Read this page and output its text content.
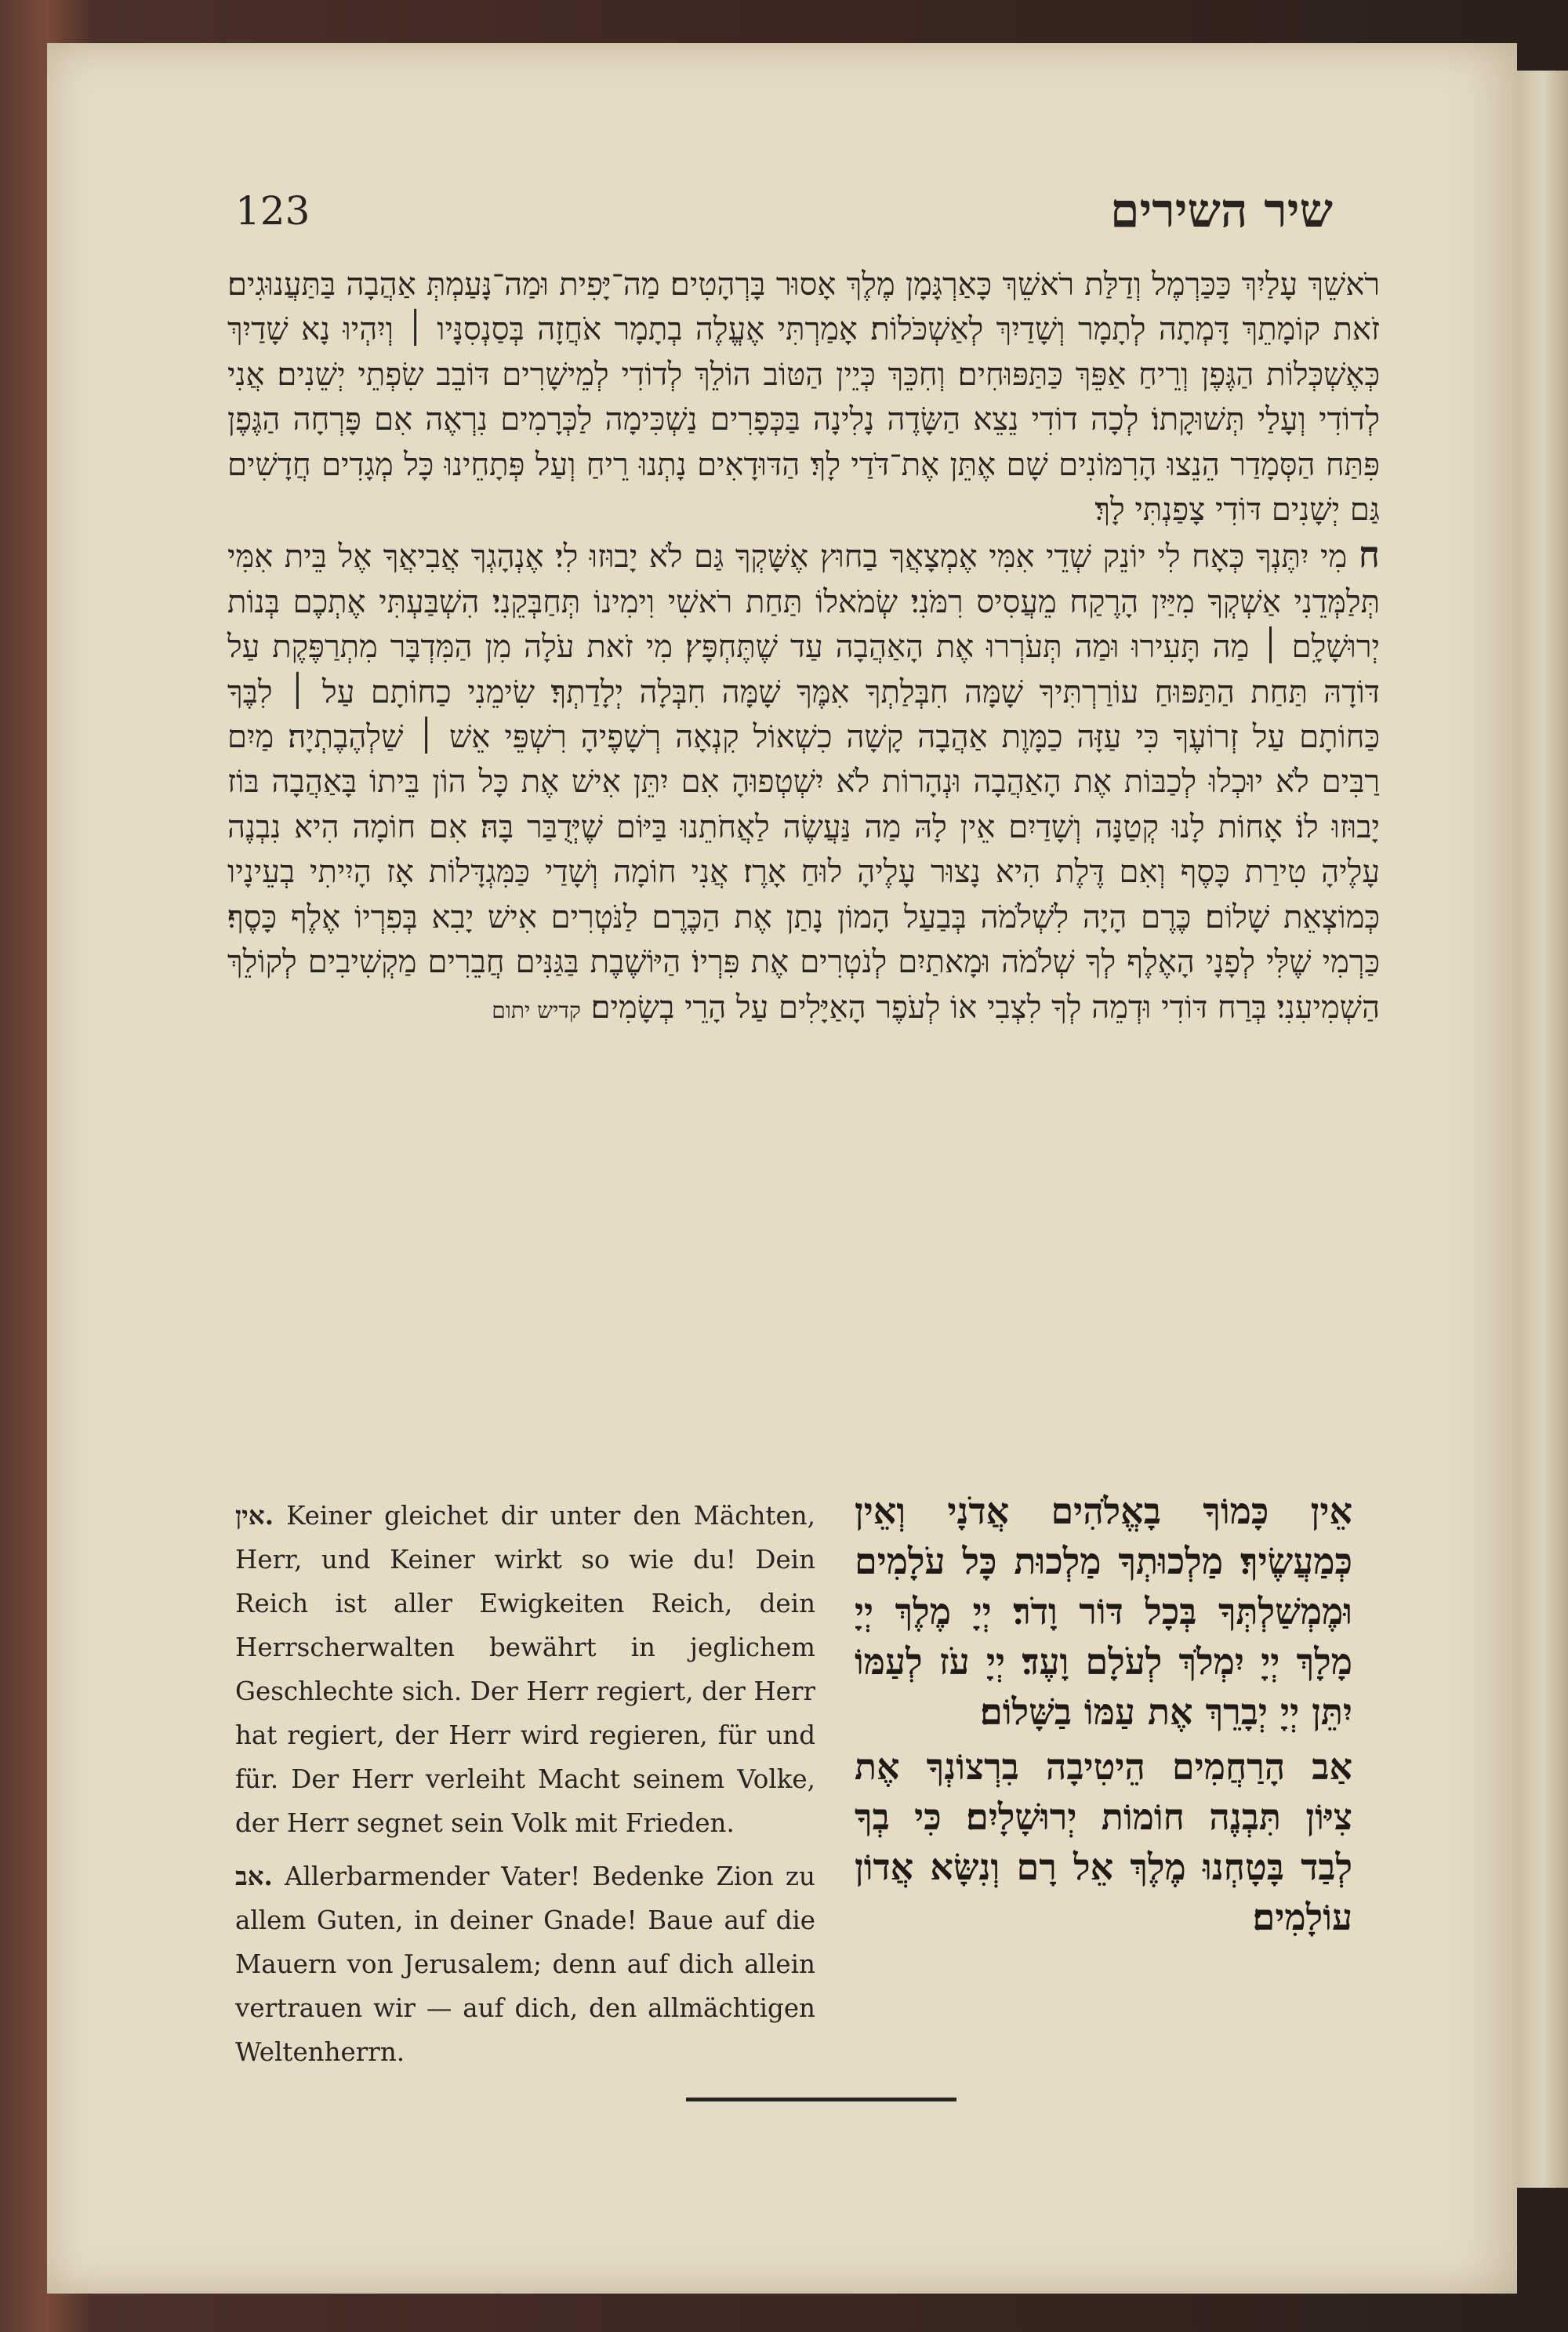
123	שיר השירים

רֹאשֵׁךְ עָלַיִךְ כַּכַּרְמֶל וְדַלַּת רֹאשֵׁךְ כָּאַרְגָּמָן מֶלֶךְ אָסוּר בָּרְהָטִים׃ מַה־יָּפִית וּמַה־נָּעַמְתְּ אַהֲבָה בַּתַּעֲנוּגִים׃ זֹאת קוֹמָתֵךְ דָּמְתָה לְתָמָר וְשָׁדַיִךְ לְאַשְׁכֹּלוֹת׃ אָמַרְתִּי אֶעֱלֶה בְתָמָר אֹחֲזָה בְּסַנְסִנָּיו ׀ וְיִהְיוּ נָא שָׁדַיִךְ כְּאֶשְׁכְּלוֹת הַגֶּפֶן וְרֵיחַ אַפֵּךְ כַּתַּפּוּחִים׃ וְחִכֵּךְ כְּיֵין הַטּוֹב הוֹלֵךְ לְדוֹדִי לְמֵישָׁרִים דּוֹבֵב שִׂפְתֵי יְשֵׁנִים׃ אֲנִי לְדוֹדִי וְעָלַי תְּשׁוּקָתוֹ׃ לְכָה דוֹדִי נֵצֵא הַשָּׂדֶה נָלִינָה בַּכְּפָרִים נַשְׁכִּימָה לַכְּרָמִים נִרְאֶה אִם פָּרְחָה הַגֶּפֶן פִּתַּח הַסְּמָדַר הֵנֵצוּ הָרִמּוֹנִים שָׁם אֶתֵּן אֶת־דֹּדַי לָךְ׃ הַדּוּדָאִים נָתְנוּ רֵיחַ וְעַל פְּתָחֵינוּ כָּל מְגָדִים חֲדָשִׁים גַּם יְשָׁנִים דּוֹדִי צָפַנְתִּי לָךְ׃

ח מִי יִתֶּנְךָ כְּאָח לִי יוֹנֵק שְׁדֵי אִמִּי אֶמְצָאֲךָ בַחוּץ אֶשָּׁקְךָ גַּם לֹא יָבוּזוּ לִי׃ אֶנְהָגְךָ אֲבִיאֲךָ אֶל בֵּית אִמִּי תְּלַמְּדֵנִי אַשְׁקְךָ מִיַּיִן הָרֶקַח מֵעֲסִיס רִמֹּנִי׃ שְׂמֹאלוֹ תַּחַת רֹאשִׁי וִימִינוֹ תְּחַבְּקֵנִי׃ הִשְׁבַּעְתִּי אֶתְכֶם בְּנוֹת יְרוּשָׁלִָם ׀ מַה תָּעִירוּ וּמַה תְּעֹרְרוּ אֶת הָאַהֲבָה עַד שֶׁתֶּחְפָּץ׃ מִי זֹאת עֹלָה מִן הַמִּדְבָּר מִתְרַפֶּקֶת עַל דּוֹדָהּ תַּחַת הַתַּפּוּחַ עוֹרַרְתִּיךָ שָׁמָּה חִבְּלַתְךָ אִמֶּךָ שָׁמָּה חִבְּלָה יְלָדַתְךָ׃ שִׂימֵנִי כַחוֹתָם עַל ׀ לִבֶּךָ כַּחוֹתָם עַל זְרוֹעֶךָ כִּי עַזָּה כַמָּוֶת אַהֲבָה קָשָׁה כִשְׁאוֹל קִנְאָה רְשָׁפֶיהָ רִשְׁפֵּי אֵשׁ ׀ שַׁלְהֶבֶתְיָה׃ מַיִם רַבִּים לֹא יוּכְלוּ לְכַבּוֹת אֶת הָאַהֲבָה וּנְהָרוֹת לֹא יִשְׁטְפוּהָ אִם יִתֵּן אִישׁ אֶת כָּל הוֹן בֵּיתוֹ בָּאַהֲבָה בּוֹז יָבוּזוּ לוֹ׃ אָחוֹת לָנוּ קְטַנָּה וְשָׁדַיִם אֵין לָהּ מַה נַּעֲשֶׂה לַאֲחֹתֵנוּ בַּיּוֹם שֶׁיְּדֻבַּר בָּהּ׃ אִם חוֹמָה הִיא נִבְנֶה עָלֶיהָ טִירַת כָּסֶף וְאִם דֶּלֶת הִיא נָצוּר עָלֶיהָ לוּחַ אָרֶז׃ אֲנִי חוֹמָה וְשָׁדַי כַּמִּגְדָּלוֹת אָז הָיִיתִי בְעֵינָיו כְּמוֹצְאֵת שָׁלוֹם׃ כֶּרֶם הָיָה לִשְׁלֹמֹה בְּבַעַל הָמוֹן נָתַן אֶת הַכֶּרֶם לַנֹּטְרִים אִישׁ יָבִא בְּפִרְיוֹ אֶלֶף כָּסֶף׃ כַּרְמִי שֶׁלִּי לְפָנָי הָאֶלֶף לְךָ שְׁלֹמֹה וּמָאתַיִם לְנֹטְרִים אֶת פִּרְיוֹ׃ הַיּוֹשֶׁבֶת בַּגַּנִּים חֲבֵרִים מַקְשִׁיבִים לְקוֹלֵךְ הַשְׁמִיעִנִי׃ בְּרַח דּוֹדִי וּדְמֵה לְךָ לִצְבִי אוֹ לְעֹפֶר הָאַיָּלִים עַל הָרֵי בְשָׂמִים׃ קדיש יתום

אין. Keiner gleichet dir unter den Mächten, Herr, und Keiner wirkt so wie du! Dein Reich ist aller Ewigkeiten Reich, dein Herrscherwalten bewährt in jeglichem Geschlechte sich. Der Herr regiert, der Herr hat regiert, der Herr wird regieren, für und für. Der Herr verleiht Macht seinem Volke, der Herr segnet sein Volk mit Frieden.

אב. Allerbarmender Vater! Bedenke Zion zu allem Guten, in deiner Gnade! Baue auf die Mauern von Jerusalem; denn auf dich allein vertrauen wir — auf dich, den allmächtigen Weltenherrn.

אֵין כָּמוֹךָ בָאֱלֹהִים אֲדֹנָי וְאֵין כְּמַעֲשֶׂיךָ׃ מַלְכוּתְךָ מַלְכוּת כָּל עֹלָמִים וּמֶמְשַׁלְתְּךָ בְּכָל דּוֹר וָדֹר׃ יְיָ מֶלֶךְ יְיָ מָלָךְ יְיָ יִמְלֹךְ לְעֹלָם וָעֶד׃ יְיָ עֹז לְעַמּוֹ יִתֵּן יְיָ יְבָרֵךְ אֶת עַמּוֹ בַשָּׁלוֹם׃

אַב הָרַחֲמִים הֵיטִיבָה בִרְצוֹנְךָ אֶת צִיּוֹן תִּבְנֶה חוֹמוֹת יְרוּשָׁלָיִם׃ כִּי בְךָ לְבַד בָּטָחְנוּ מֶלֶךְ אֵל רָם וְנִשָּׂא אֲדוֹן עוֹלָמִים׃
